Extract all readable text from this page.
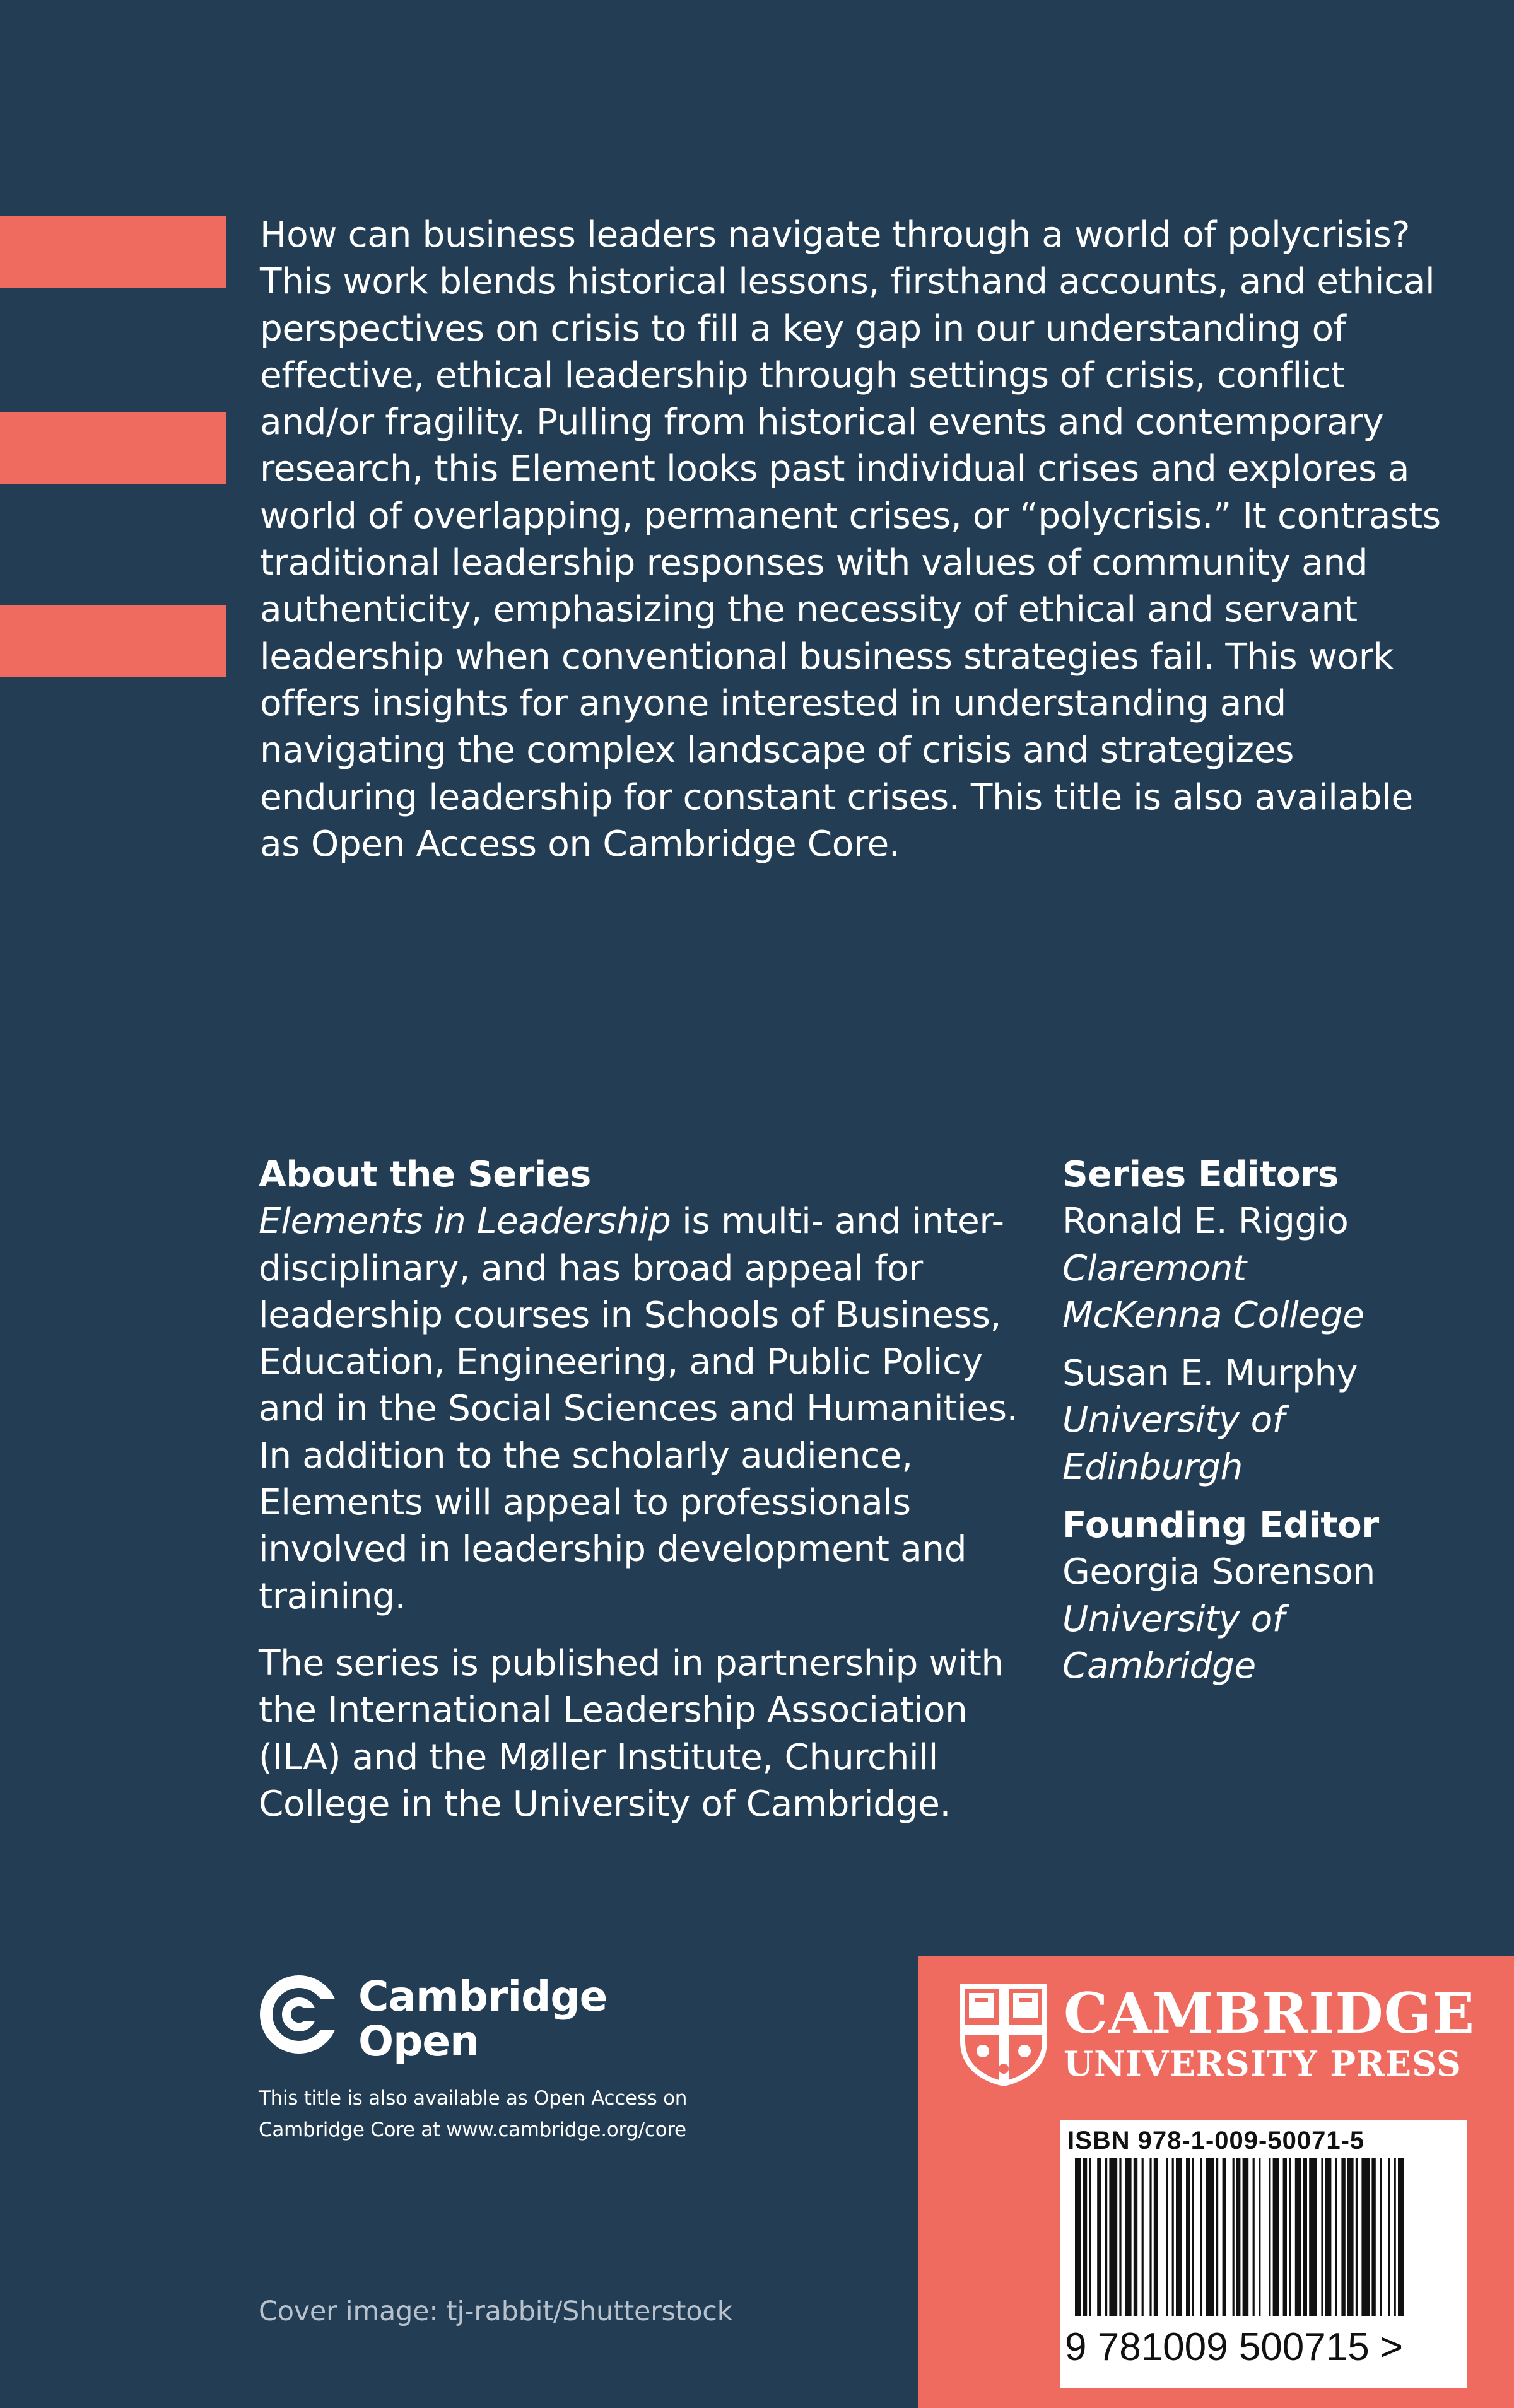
How can business leaders navigate through a world of polycrisis? This work blends historical lessons, firsthand accounts, and ethical perspectives on crisis to fill a key gap in our understanding of effective, ethical leadership through settings of crisis, conflict and/or fragility. Pulling from historical events and contemporary research, this Element looks past individual crises and explores a world of overlapping, permanent crises, or “polycrisis.” It contrasts traditional leadership responses with values of community and authenticity, emphasizing the necessity of ethical and servant leadership when conventional business strategies fail. This work offers insights for anyone interested in understanding and navigating the complex landscape of crisis and strategizes enduring leadership for constant crises. This title is also available as Open Access on Cambridge Core.

About the Series

Elements in Leadership is multi- and inter-disciplinary, and has broad appeal for leadership courses in Schools of Business, Education, Engineering, and Public Policy and in the Social Sciences and Humanities. In addition to the scholarly audience, Elements will appeal to professionals involved in leadership development and training.

The series is published in partnership with the International Leadership Association (ILA) and the Møller Institute, Churchill College in the University of Cambridge.

Series Editors
Ronald E. Riggio
Claremont McKenna College
Susan E. Murphy
University of Edinburgh
Founding Editor
Georgia Sorenson
University of Cambridge
Cambridge
Open
This title is also available as Open Access on
Cambridge Core at www.cambridge.org/core
Cover image: tj-rabbit/Shutterstock
CAMBRIDGE
UNIVERSITY PRESS
ISBN 978-1-009-50071-5
9 781009 500715 >
